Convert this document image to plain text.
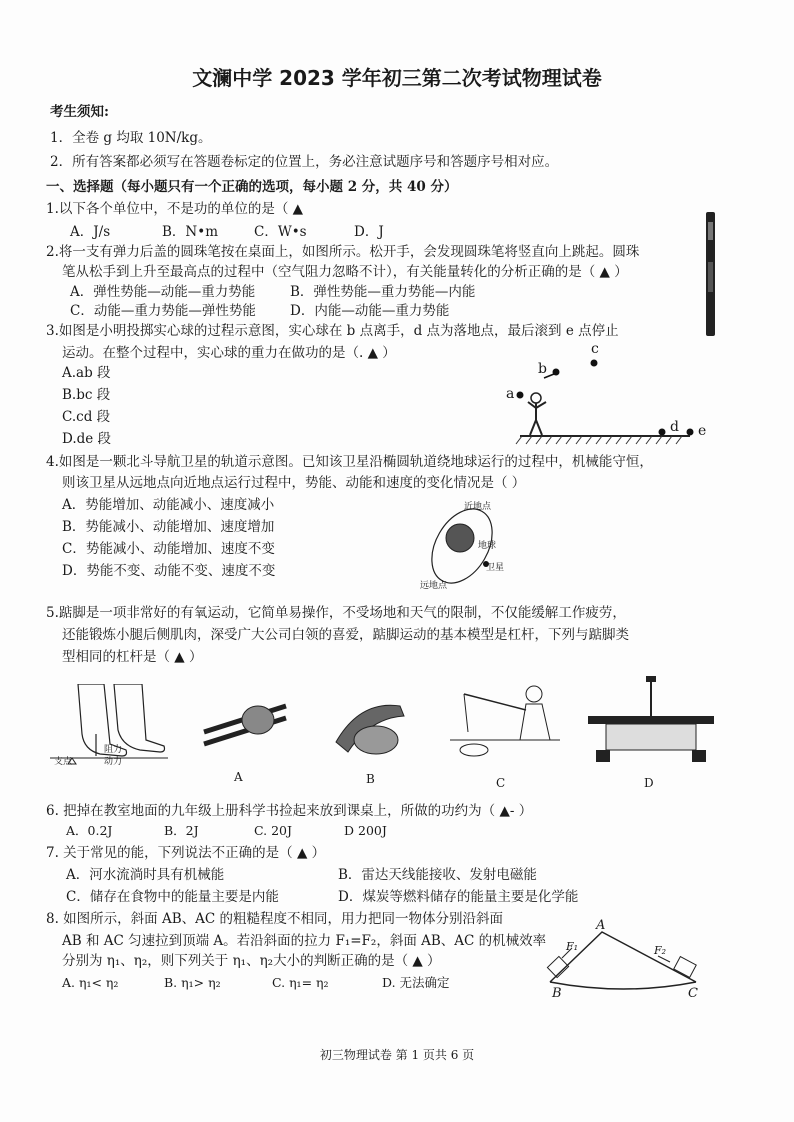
文澜中学 2023 学年初三第二次考试物理试卷
考生须知:
1．全卷 g 均取 10N/kg。
2．所有答案都必须写在答题卷标定的位置上，务必注意试题序号和答题序号相对应。
一、选择题（每小题只有一个正确的选项，每小题 2 分，共 40 分）
1.以下各个单位中，不是功的单位的是（ ▲
A．J/s	B．N•m	C．W•s	D．J
2.将一支有弹力后盖的圆珠笔按在桌面上，如图所示。松开手，会发现圆珠笔将竖直向上跳起。圆珠
笔从松手到上升至最高点的过程中（空气阻力忽略不计），有关能量转化的分析正确的是（ ▲ ）
A．弹性势能—动能—重力势能	B．弹性势能—重力势能—内能
C．动能—重力势能—弹性势能	D．内能—动能—重力势能
3.如图是小明投掷实心球的过程示意图，实心球在 b 点离手，d 点为落地点，最后滚到 e 点停止
运动。在整个过程中，实心球的重力在做功的是（. ▲ ）
A.ab 段
B.bc 段
C.cd 段
D.de 段
a
b
c
d e
4.如图是一颗北斗导航卫星的轨道示意图。已知该卫星沿椭圆轨道绕地球运行的过程中，机械能守恒，
则该卫星从远地点向近地点运行过程中，势能、动能和速度的变化情况是（ ）
A．势能增加、动能减小、速度减小
B．势能减小、动能增加、速度增加
C．势能减小、动能增加、速度不变
D．势能不变、动能不变、速度不变
近地点
地球
卫星
远地点
5.踮脚是一项非常好的有氧运动，它简单易操作，不受场地和天气的限制，不仅能缓解工作疲劳，
还能锻炼小腿后侧肌肉，深受广大公司白领的喜爱，踮脚运动的基本模型是杠杆，下列与踮脚类
型相同的杠杆是（ ▲ ）
阻力
动力
支点
A	B	C	D
6. 把掉在教室地面的九年级上册科学书捡起来放到课桌上，所做的功约为（ ▲- ）
A．0.2J	B．2J	C. 20J	D 200J
7. 关于常见的能，下列说法不正确的是（ ▲ ）
A．河水流淌时具有机械能	B．雷达天线能接收、发射电磁能
C．储存在食物中的能量主要是内能	D．煤炭等燃料储存的能量主要是化学能
8. 如图所示，斜面 AB、AC 的粗糙程度不相同，用力把同一物体分别沿斜面
AB 和 AC 匀速拉到顶端 A。若沿斜面的拉力 F₁=F₂，斜面 AB、AC 的机械效率
分别为 η₁、η₂，则下列关于 η₁、η₂大小的判断正确的是（ ▲ ）
A. η₁< η₂	B. η₁> η₂	C. η₁= η₂	D. 无法确定
A
B	C
F₁	F₂
初三物理试卷 第 1 页共 6 页
